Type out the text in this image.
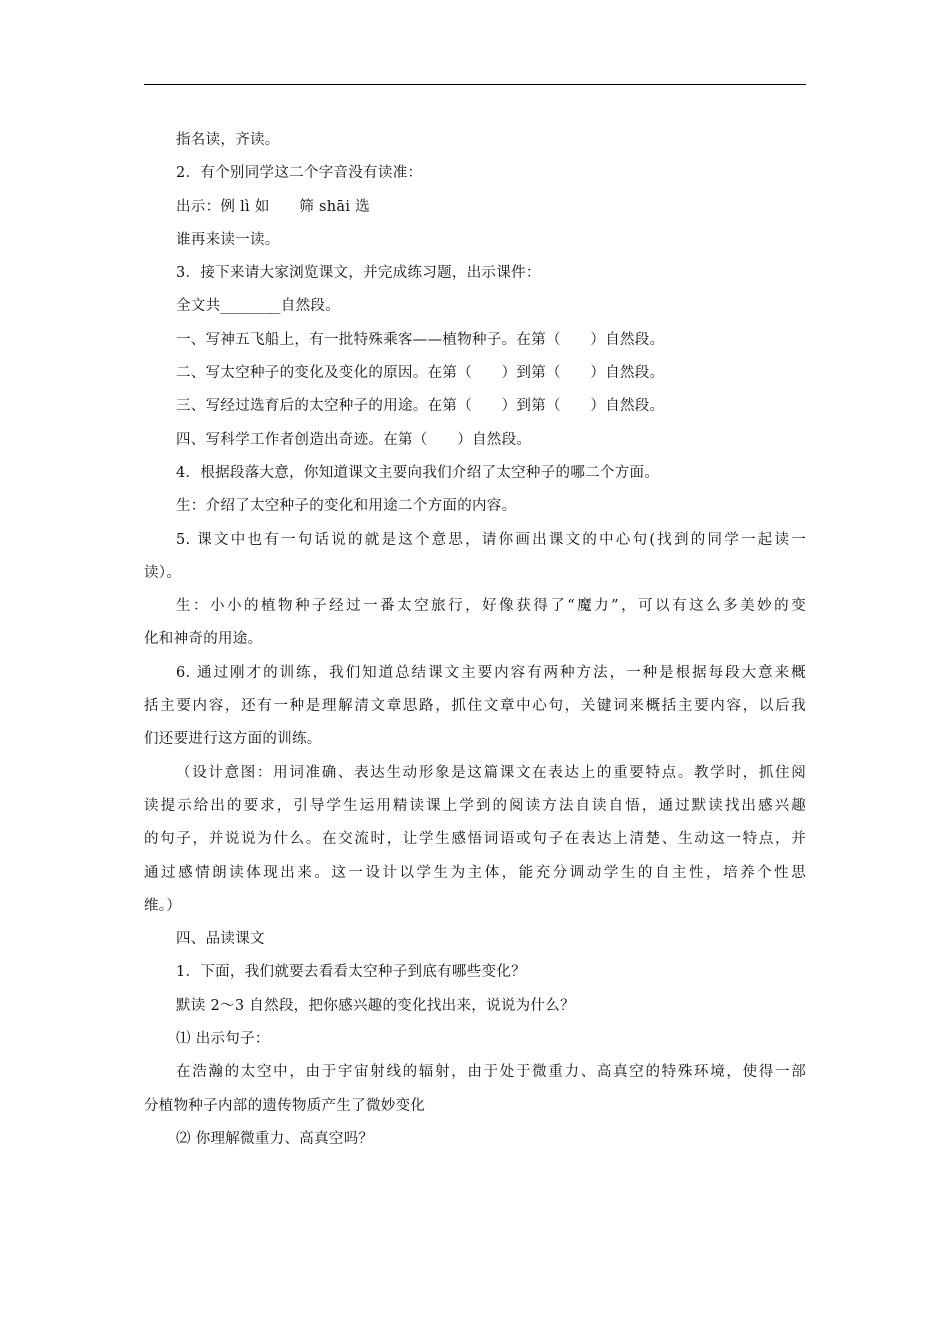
指名读，齐读。
2．有个别同学这二个字音没有读准：
出示：例 lì 如　　筛 shāi 选
谁再来读一读。
3．接下来请大家浏览课文，并完成练习题，出示课件：
全文共________自然段。
一、写神五飞船上，有一批特殊乘客——植物种子。在第（　　）自然段。
二、写太空种子的变化及变化的原因。在第（　　）到第（　　）自然段。
三、写经过选育后的太空种子的用途。在第（　　）到第（　　）自然段。
四、写科学工作者创造出奇迹。在第（　　）自然段。
4．根据段落大意，你知道课文主要向我们介绍了太空种子的哪二个方面。
生：介绍了太空种子的变化和用途二个方面的内容。
5. 课文中也有一句话说的就是这个意思，请你画出课文的中心句(找到的同学一起读一
读）。
生：小小的植物种子经过一番太空旅行，好像获得了“魔力”，可以有这么多美妙的变
化和神奇的用途。
6. 通过刚才的训练，我们知道总结课文主要内容有两种方法，一种是根据每段大意来概
括主要内容，还有一种是理解清文章思路，抓住文章中心句，关键词来概括主要内容，以后我
们还要进行这方面的训练。
（设计意图：用词准确、表达生动形象是这篇课文在表达上的重要特点。教学时，抓住阅
读提示给出的要求，引导学生运用精读课上学到的阅读方法自读自悟，通过默读找出感兴趣
的句子，并说说为什么。在交流时，让学生感悟词语或句子在表达上清楚、生动这一特点，并
通过感情朗读体现出来。这一设计以学生为主体，能充分调动学生的自主性，培养个性思
维。）
四、品读课文
1．下面，我们就要去看看太空种子到底有哪些变化？
默读 2～3 自然段，把你感兴趣的变化找出来，说说为什么？
⑴ 出示句子：
在浩瀚的太空中，由于宇宙射线的辐射，由于处于微重力、高真空的特殊环境，使得一部
分植物种子内部的遗传物质产生了微妙变化
⑵ 你理解微重力、高真空吗？
